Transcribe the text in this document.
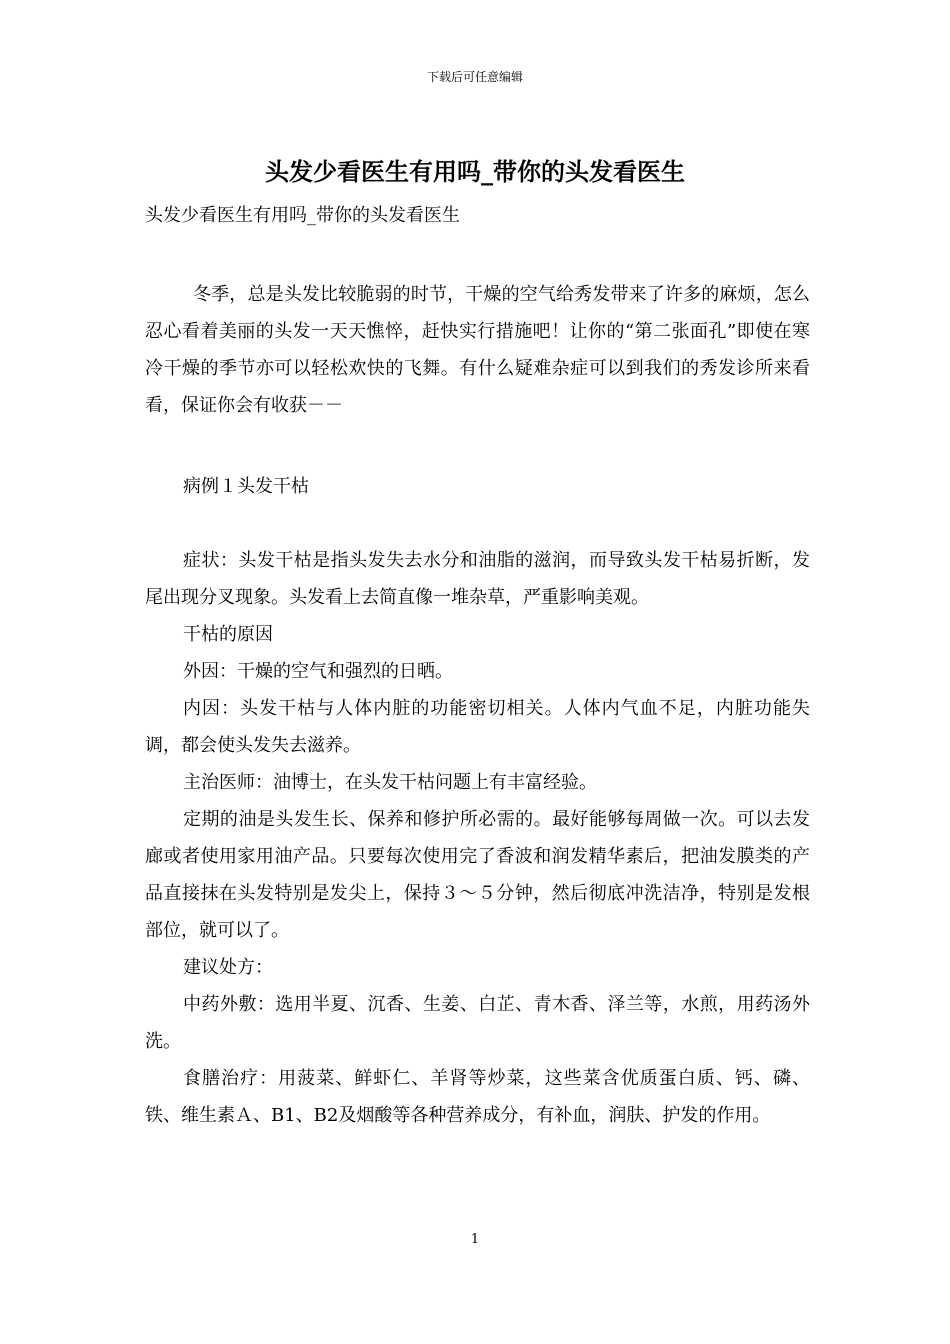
下载后可任意编辑
头发少看医生有用吗_带你的头发看医生

头发少看医生有用吗_带你的头发看医生

冬季，总是头发比较脆弱的时节，干燥的空气给秀发带来了许多的麻烦，怎么忍心看着美丽的头发一天天憔悴，赶快实行措施吧！让你的“第二张面孔”即使在寒冷干燥的季节亦可以轻松欢快的飞舞。有什么疑难杂症可以到我们的秀发诊所来看看，保证你会有收获－－

病例１头发干枯

症状：头发干枯是指头发失去水分和油脂的滋润，而导致头发干枯易折断，发尾出现分叉现象。头发看上去简直像一堆杂草，严重影响美观。

干枯的原因

外因：干燥的空气和强烈的日晒。

内因：头发干枯与人体内脏的功能密切相关。人体内气血不足，内脏功能失调，都会使头发失去滋养。

主治医师：油博士，在头发干枯问题上有丰富经验。

定期的油是头发生长、保养和修护所必需的。最好能够每周做一次。可以去发廊或者使用家用油产品。只要每次使用完了香波和润发精华素后，把油发膜类的产品直接抹在头发特别是发尖上，保持３～５分钟，然后彻底冲洗洁净，特别是发根部位，就可以了。

建议处方：

中药外敷：选用半夏、沉香、生姜、白芷、青木香、泽兰等，水煎，用药汤外洗。

食膳治疗：用菠菜、鲜虾仁、羊肾等炒菜，这些菜含优质蛋白质、钙、磷、铁、维生素Ａ、B1、B2及烟酸等各种营养成分，有补血，润肤、护发的作用。

1
